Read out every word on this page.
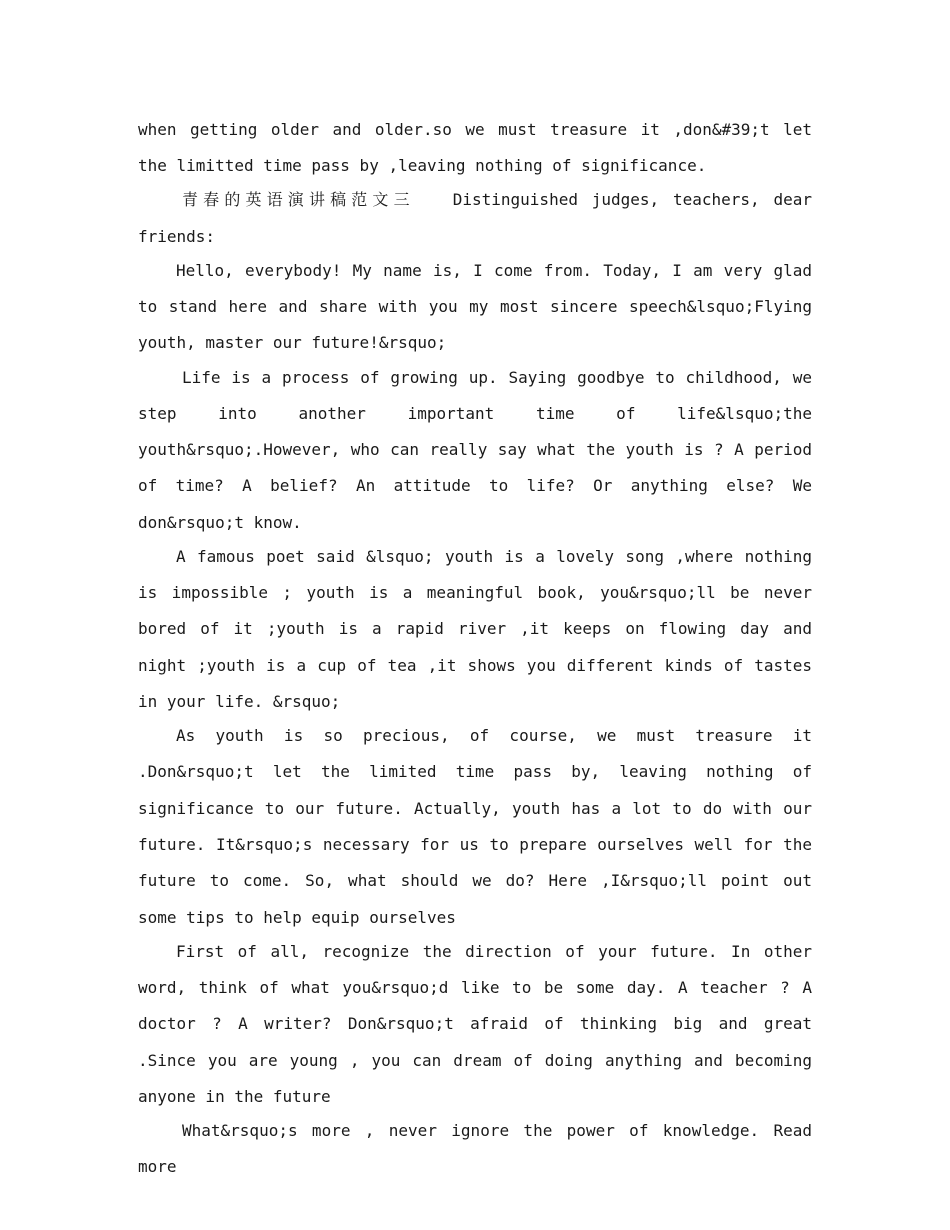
when getting older and older.so we must treasure it ,don&#39;t let the limitted time pass by ,leaving nothing of significance.

青春的英语演讲稿范文三 Distinguished judges, teachers, dear friends:

Hello, everybody! My name is, I come from. Today, I am very glad to stand here and share with you my most sincere speech&lsquo;Flying youth, master our future!&rsquo;

Life is a process of growing up. Saying goodbye to childhood, we step into another important time of life&lsquo;the youth&rsquo;.However, who can really say what the youth is ? A period of time? A belief? An attitude to life? Or anything else? We don&rsquo;t know.

A famous poet said &lsquo; youth is a lovely song ,where nothing is impossible ; youth is a meaningful book, you&rsquo;ll be never bored of it ;youth is a rapid river ,it keeps on flowing day and night ;youth is a cup of tea ,it shows you different kinds of tastes in your life. &rsquo;

As youth is so precious, of course, we must treasure it .Don&rsquo;t let the limited time pass by, leaving nothing of significance to our future. Actually, youth has a lot to do with our future. It&rsquo;s necessary for us to prepare ourselves well for the future to come. So, what should we do? Here ,I&rsquo;ll point out some tips to help equip ourselves

First of all, recognize the direction of your future. In other word, think of what you&rsquo;d like to be some day. A teacher ? A doctor ? A writer? Don&rsquo;t afraid of thinking big and great .Since you are young , you can dream of doing anything and becoming anyone in the future

What&rsquo;s more , never ignore the power of knowledge. Read more
